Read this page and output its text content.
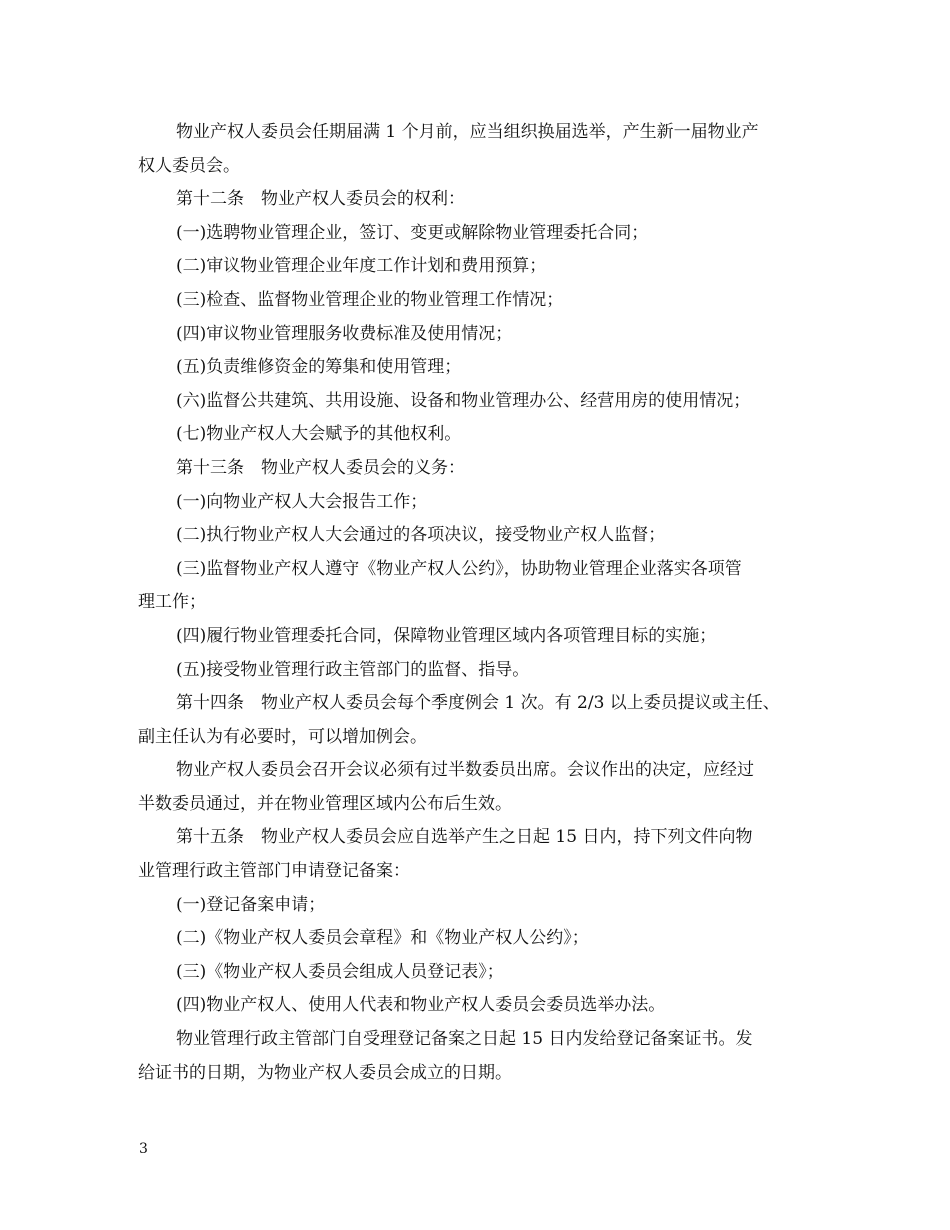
物业产权人委员会任期届满 1 个月前，应当组织换届选举，产生新一届物业产

权人委员会。

第十二条　物业产权人委员会的权利：

(一)选聘物业管理企业，签订、变更或解除物业管理委托合同；

(二)审议物业管理企业年度工作计划和费用预算；

(三)检查、监督物业管理企业的物业管理工作情况；

(四)审议物业管理服务收费标准及使用情况；

(五)负责维修资金的筹集和使用管理；

(六)监督公共建筑、共用设施、设备和物业管理办公、经营用房的使用情况；

(七)物业产权人大会赋予的其他权利。

第十三条　物业产权人委员会的义务：

(一)向物业产权人大会报告工作；

(二)执行物业产权人大会通过的各项决议，接受物业产权人监督；

(三)监督物业产权人遵守《物业产权人公约》，协助物业管理企业落实各项管

理工作；

(四)履行物业管理委托合同，保障物业管理区域内各项管理目标的实施；

(五)接受物业管理行政主管部门的监督、指导。

第十四条　物业产权人委员会每个季度例会 1 次。有 2/3 以上委员提议或主任、

副主任认为有必要时，可以增加例会。

物业产权人委员会召开会议必须有过半数委员出席。会议作出的决定，应经过

半数委员通过，并在物业管理区域内公布后生效。

第十五条　物业产权人委员会应自选举产生之日起 15 日内，持下列文件向物

业管理行政主管部门申请登记备案：

(一)登记备案申请；

(二)《物业产权人委员会章程》和《物业产权人公约》；

(三)《物业产权人委员会组成人员登记表》；

(四)物业产权人、使用人代表和物业产权人委员会委员选举办法。

物业管理行政主管部门自受理登记备案之日起 15 日内发给登记备案证书。发

给证书的日期，为物业产权人委员会成立的日期。

3
